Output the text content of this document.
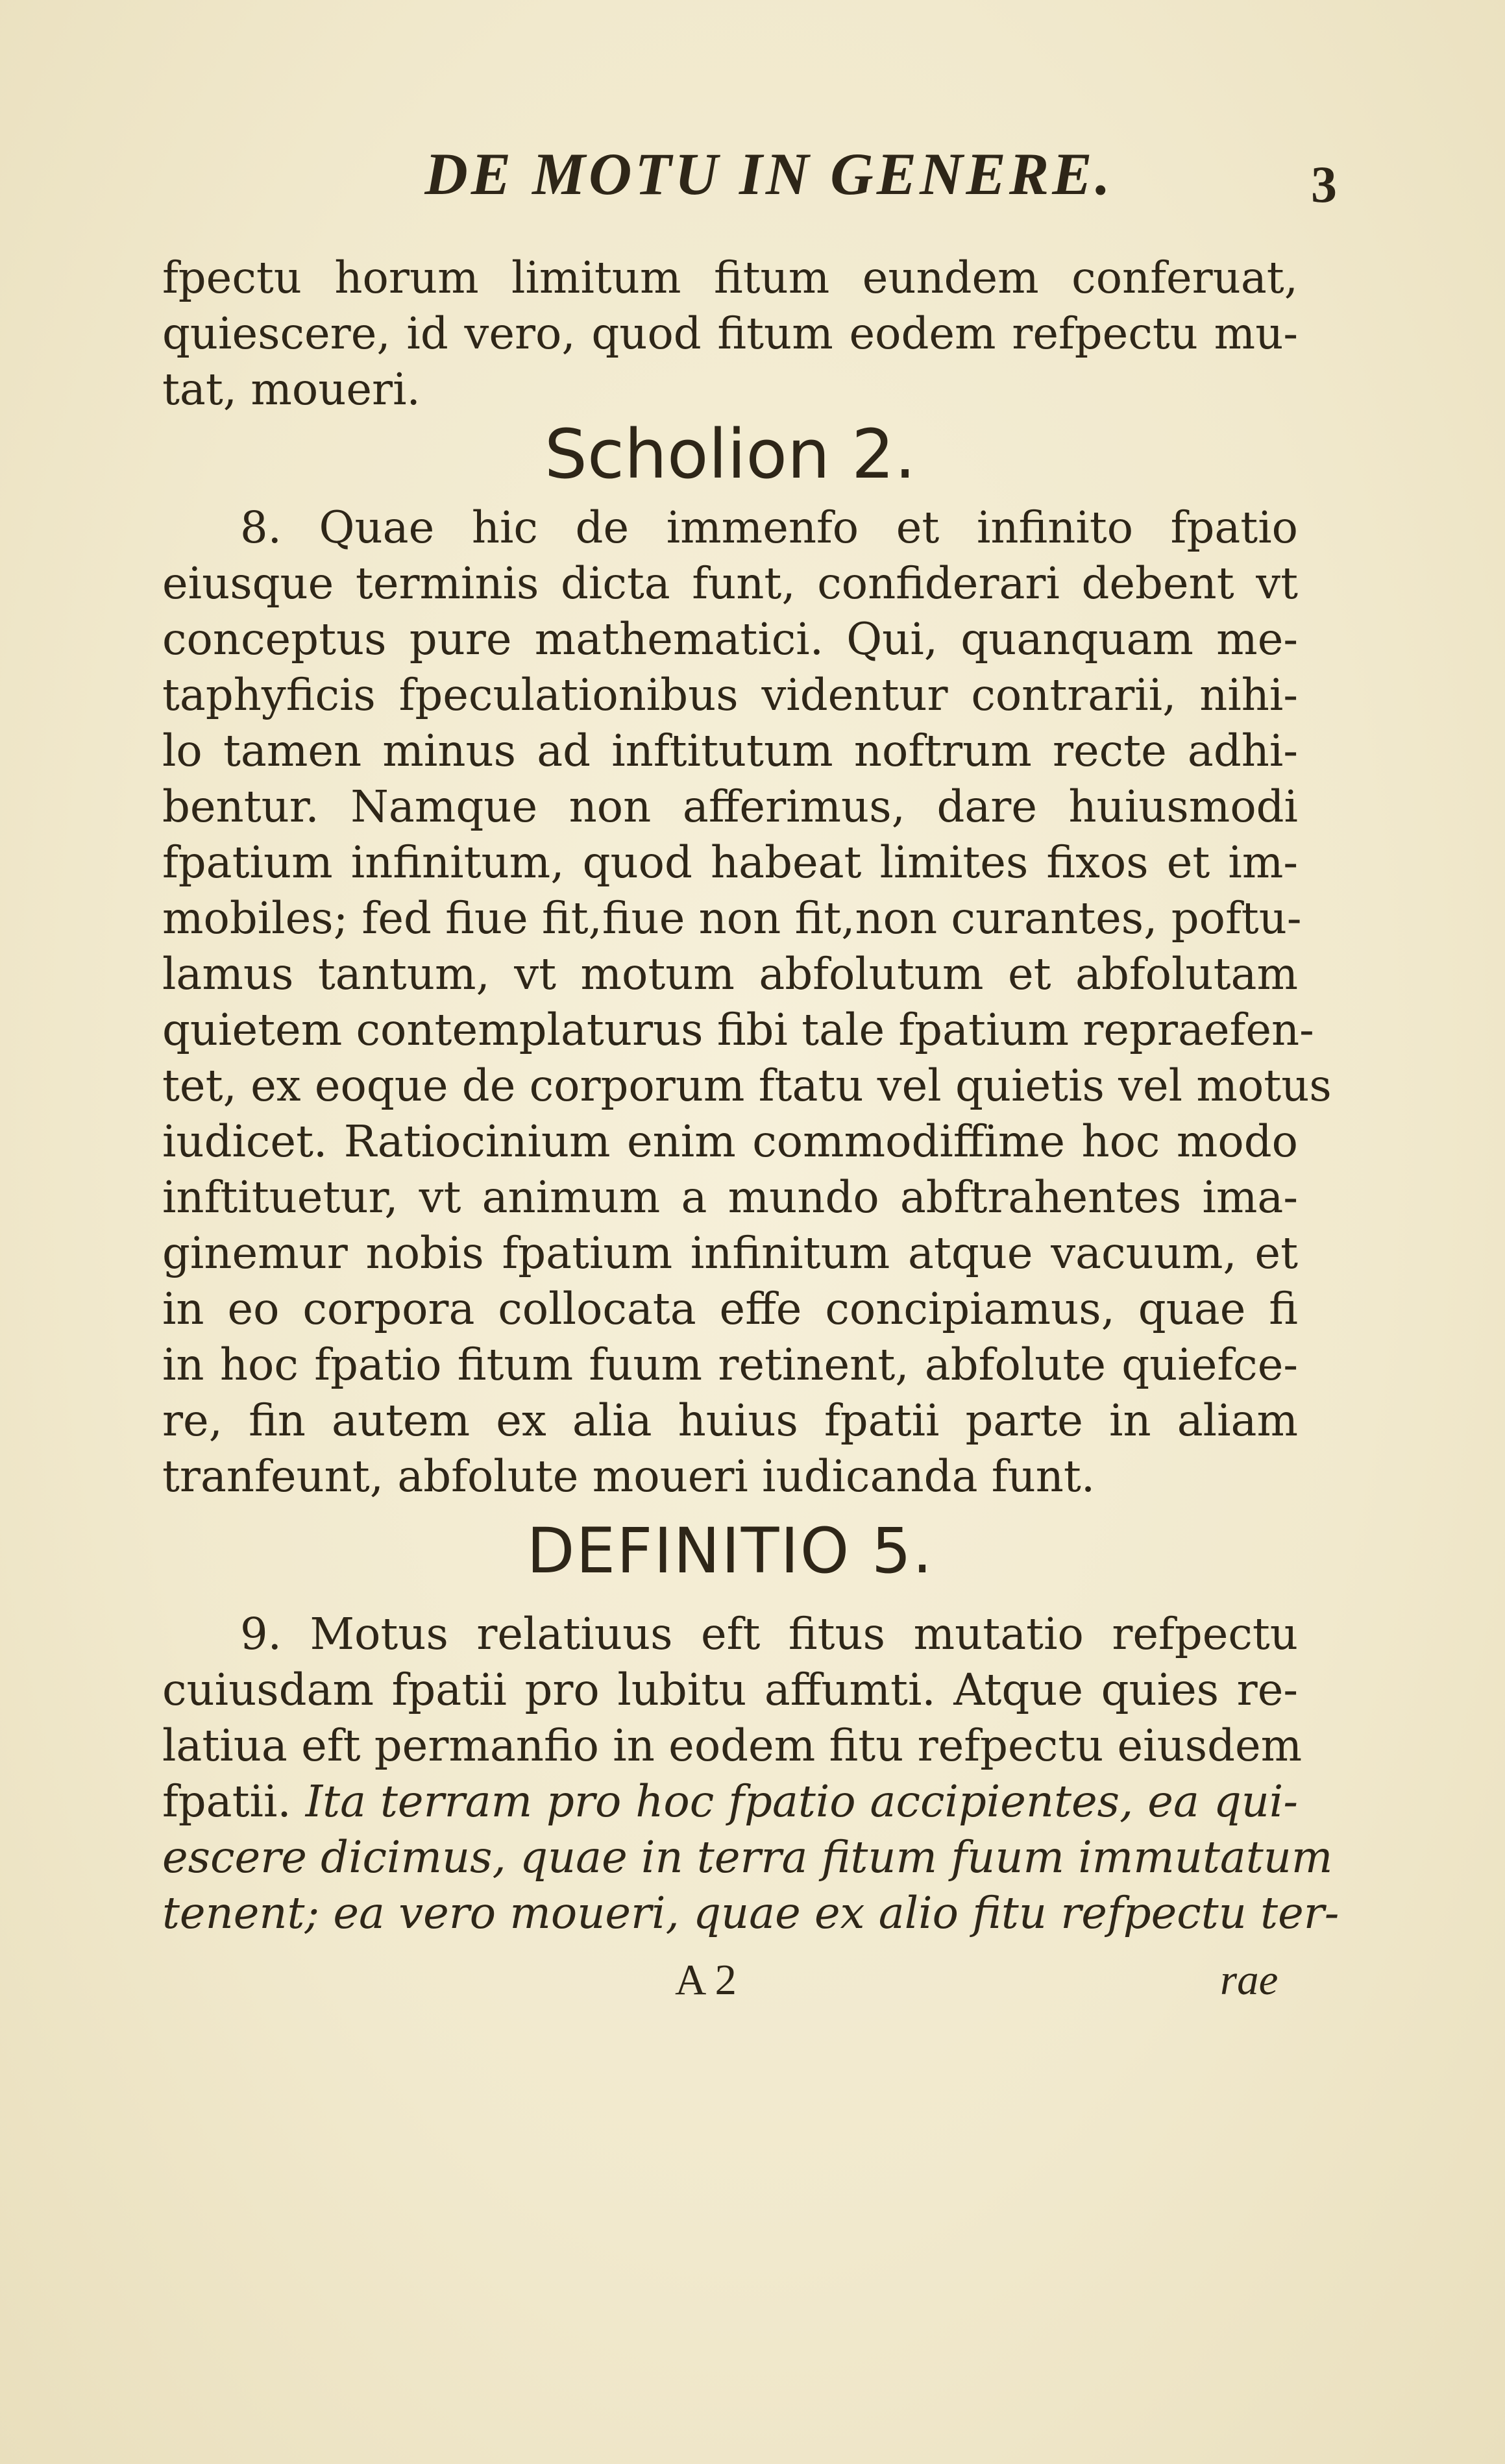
DE MOTU IN GENERE.	3
fpectu horum limitum fitum eundem conferuat,
quiescere, id vero, quod fitum eodem refpectu mu-
tat, moueri.
Scholion 2.
8. Quae hic de immenfo et infinito fpatio
eiusque terminis dicta funt, confiderari debent vt
conceptus pure mathematici. Qui, quanquam me-
taphyficis fpeculationibus videntur contrarii, nihi-
lo tamen minus ad inftitutum noftrum recte adhi-
bentur. Namque non afferimus, dare huiusmodi
fpatium infinitum, quod habeat limites fixos et im-
mobiles; fed fiue fit,fiue non fit,non curantes, poftu-
lamus tantum, vt motum abfolutum et abfolutam
quietem contemplaturus fibi tale fpatium repraefen-
tet, ex eoque de corporum ftatu vel quietis vel motus
iudicet. Ratiocinium enim commodiffime hoc modo
inftituetur, vt animum a mundo abftrahentes ima-
ginemur nobis fpatium infinitum atque vacuum, et
in eo corpora collocata effe concipiamus, quae fi
in hoc fpatio fitum fuum retinent, abfolute quiefce-
re, fin autem ex alia huius fpatii parte in aliam
tranfeunt, abfolute moueri iudicanda funt.
DEFINITIO 5.
9. Motus relatiuus eft fitus mutatio refpectu
cuiusdam fpatii pro lubitu affumti. Atque quies re-
latiua eft permanfio in eodem fitu refpectu eiusdem
fpatii. Ita terram pro hoc fpatio accipientes, ea qui-
escere dicimus, quae in terra fitum fuum immutatum
tenent; ea vero moueri, quae ex alio fitu refpectu ter-
A 2	rae
